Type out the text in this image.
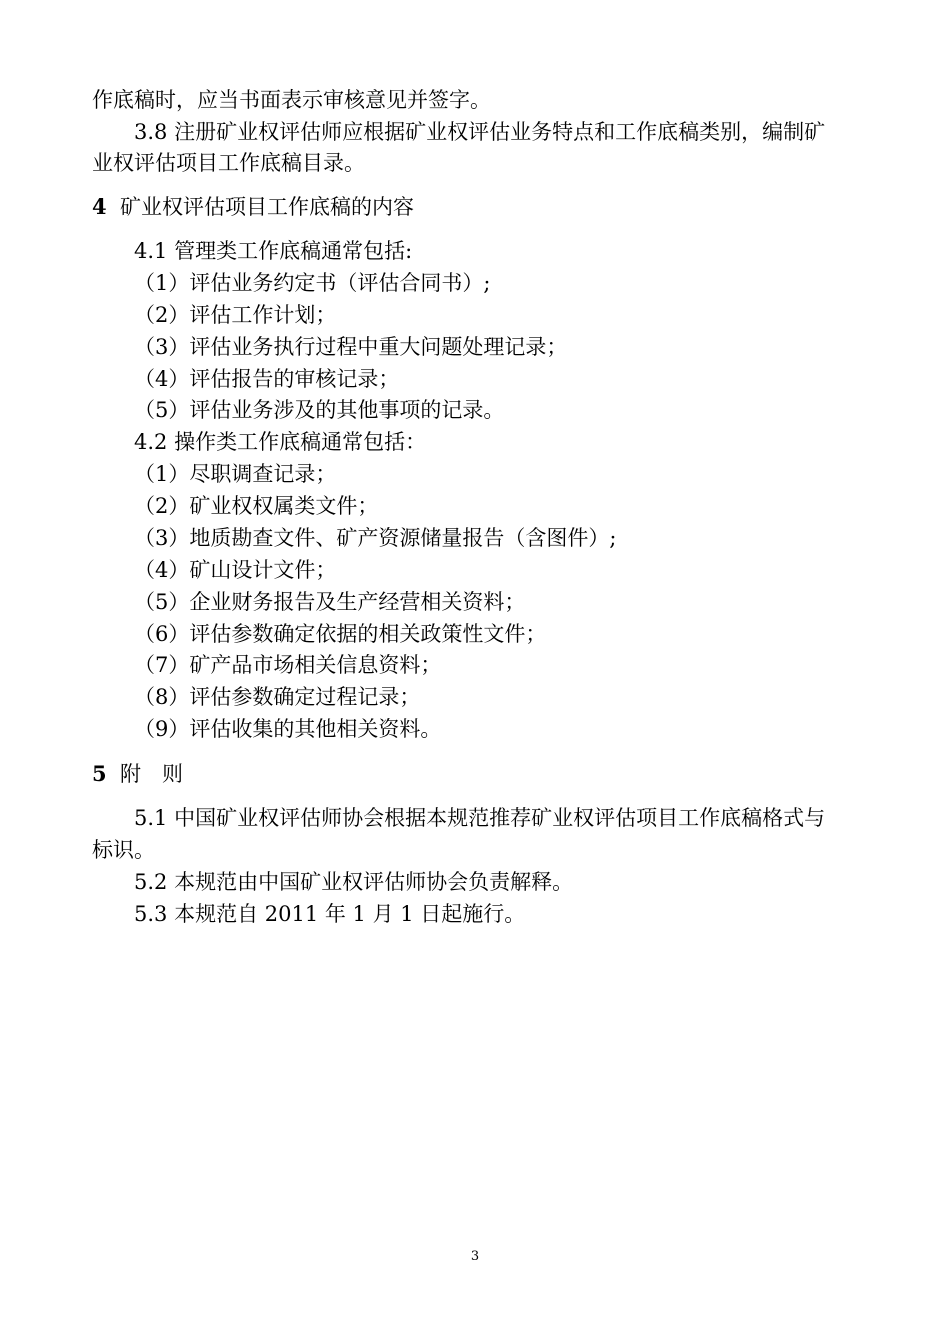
作底稿时，应当书面表示审核意见并签字。
3.8 注册矿业权评估师应根据矿业权评估业务特点和工作底稿类别，编制矿
业权评估项目工作底稿目录。
4 矿业权评估项目工作底稿的内容
4.1 管理类工作底稿通常包括:
（1）评估业务约定书（评估合同书）;
（2）评估工作计划；
（3）评估业务执行过程中重大问题处理记录；
（4）评估报告的审核记录；
（5）评估业务涉及的其他事项的记录。
4.2 操作类工作底稿通常包括：
（1）尽职调查记录；
（2）矿业权权属类文件；
（3）地质勘查文件、矿产资源储量报告（含图件）;
（4）矿山设计文件；
（5）企业财务报告及生产经营相关资料；
（6）评估参数确定依据的相关政策性文件；
（7）矿产品市场相关信息资料；
（8）评估参数确定过程记录；
（9）评估收集的其他相关资料。
5 附　则
5.1 中国矿业权评估师协会根据本规范推荐矿业权评估项目工作底稿格式与
标识。
5.2 本规范由中国矿业权评估师协会负责解释。
5.3 本规范自 2011 年 1 月 1 日起施行。
3
